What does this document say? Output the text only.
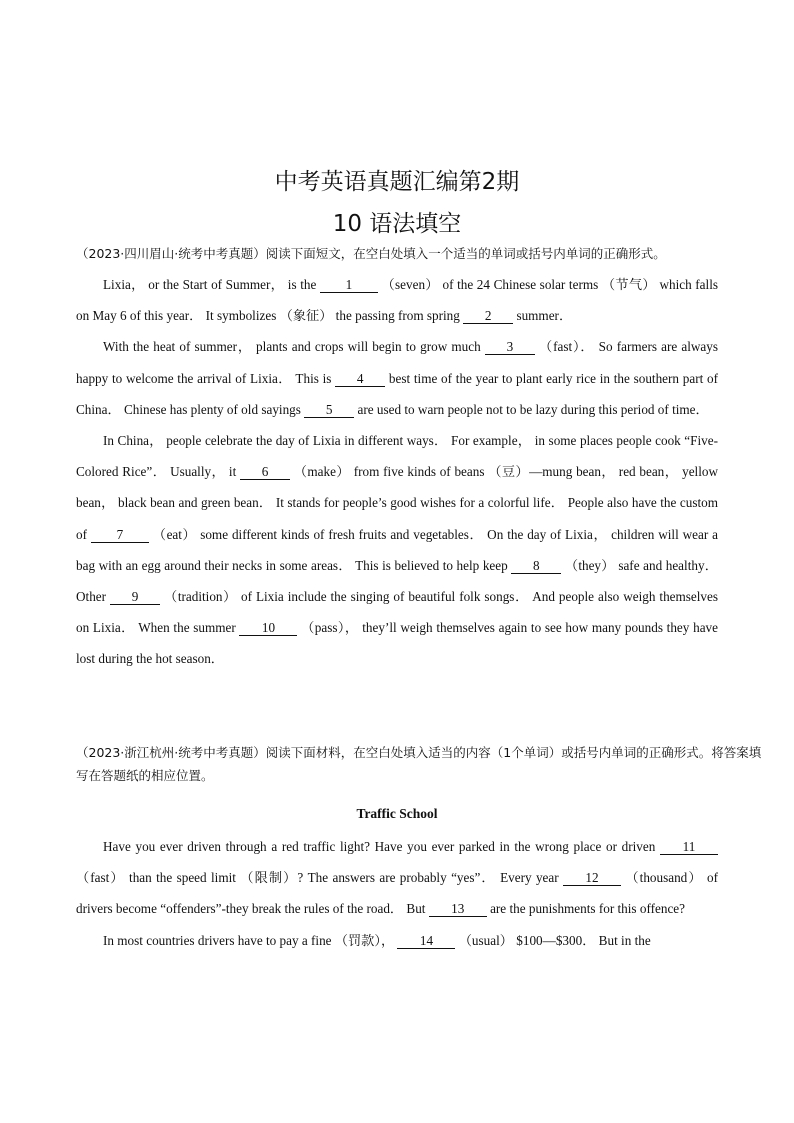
中考英语真题汇编第2期
10 语法填空
（2023·四川眉山·统考中考真题）阅读下面短文，在空白处填入一个适当的单词或括号内单词的正确形式。

Lixia， or the Start of Summer， is the 1 （seven） of the 24 Chinese solar terms （节气） which falls on May 6 of this year． It symbolizes （象征） the passing from spring 2 summer．

With the heat of summer， plants and crops will begin to grow much 3 （fast）． So farmers are always happy to welcome the arrival of Lixia． This is 4 best time of the year to plant early rice in the southern part of China． Chinese has plenty of old sayings 5 are used to warn people not to be lazy during this period of time．

In China， people celebrate the day of Lixia in different ways． For example， in some places people cook “Five-Colored Rice”． Usually， it 6 （make） from five kinds of beans （豆）—mung bean， red bean， yellow bean， black bean and green bean． It stands for people’s good wishes for a colorful life． People also have the custom of 7 （eat） some different kinds of fresh fruits and vegetables． On the day of Lixia， children will wear a bag with an egg around their necks in some areas． This is believed to help keep 8 （they） safe and healthy． Other 9 （tradition） of Lixia include the singing of beautiful folk songs． And people also weigh themselves on Lixia． When the summer 10 （pass）， they’ll weigh themselves again to see how many pounds they have lost during the hot season．

（2023·浙江杭州·统考中考真题）阅读下面材料，在空白处填入适当的内容（1个单词）或括号内单词的正确形式。将答案填写在答题纸的相应位置。
Traffic School

Have you ever driven through a red traffic light? Have you ever parked in the wrong place or driven 11 （fast） than the speed limit （限制）? The answers are probably “yes”． Every year 12 （thousand） of drivers become “offenders”-they break the rules of the road． But 13 are the punishments for this offence?

In most countries drivers have to pay a fine （罚款）， 14 （usual） $100—$300． But in the
